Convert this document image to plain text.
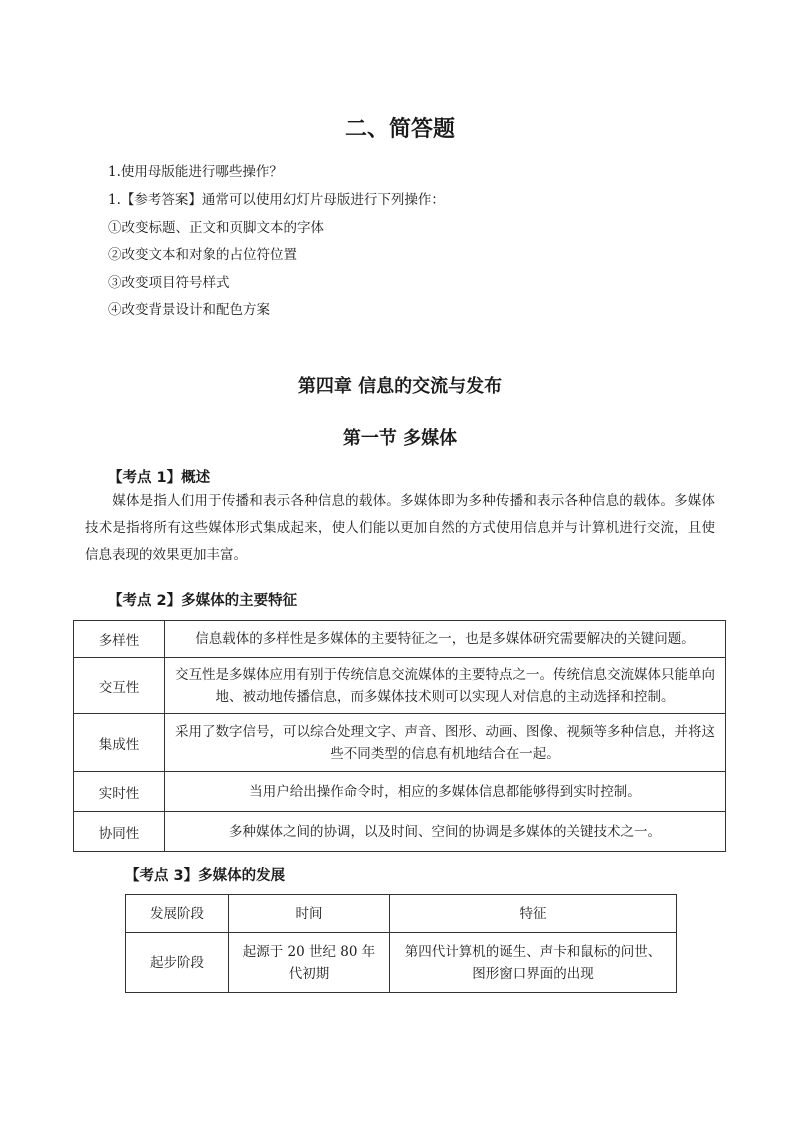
二、简答题
1.使用母版能进行哪些操作？
1.【参考答案】通常可以使用幻灯片母版进行下列操作：
①改变标题、正文和页脚文本的字体
②改变文本和对象的占位符位置
③改变项目符号样式
④改变背景设计和配色方案
第四章 信息的交流与发布
第一节 多媒体
【考点 1】概述
媒体是指人们用于传播和表示各种信息的载体。多媒体即为多种传播和表示各种信息的载体。多媒体技术是指将所有这些媒体形式集成起来，使人们能以更加自然的方式使用信息并与计算机进行交流，且使信息表现的效果更加丰富。
【考点 2】多媒体的主要特征
多样性	信息载体的多样性是多媒体的主要特征之一，也是多媒体研究需要解决的关键问题。
交互性	交互性是多媒体应用有别于传统信息交流媒体的主要特点之一。传统信息交流媒体只能单向地、被动地传播信息，而多媒体技术则可以实现人对信息的主动选择和控制。
集成性	采用了数字信号，可以综合处理文字、声音、图形、动画、图像、视频等多种信息，并将这些不同类型的信息有机地结合在一起。
实时性	当用户给出操作命令时，相应的多媒体信息都能够得到实时控制。
协同性	多种媒体之间的协调，以及时间、空间的协调是多媒体的关键技术之一。
【考点 3】多媒体的发展
发展阶段	时间	特征
起步阶段	起源于 20 世纪 80 年代初期	第四代计算机的诞生、声卡和鼠标的问世、图形窗口界面的出现
